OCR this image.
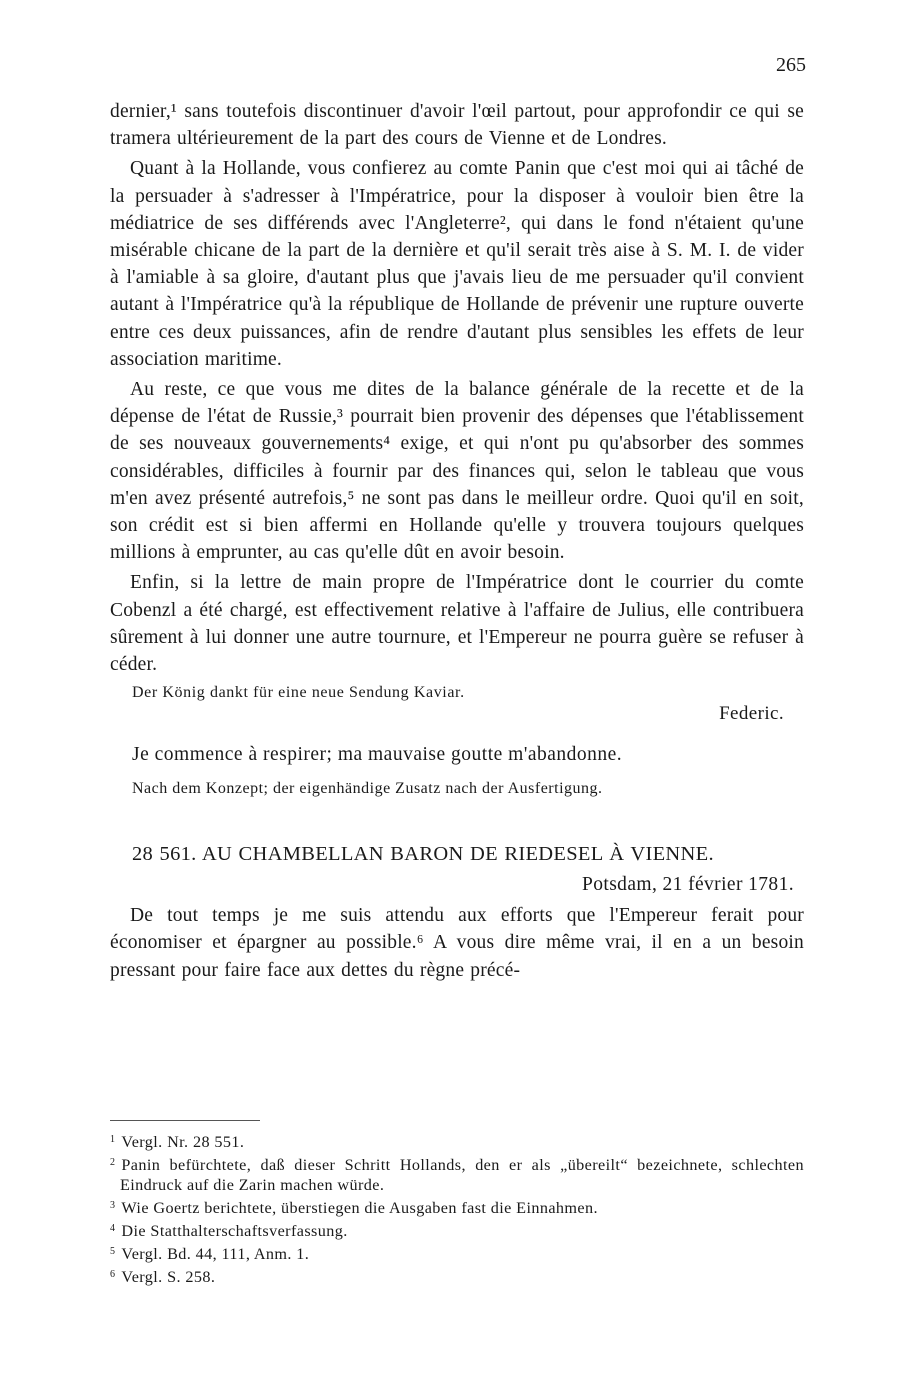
265

dernier,¹ sans toutefois discontinuer d'avoir l'œil partout, pour approfondir ce qui se tramera ultérieurement de la part des cours de Vienne et de Londres.

Quant à la Hollande, vous confierez au comte Panin que c'est moi qui ai tâché de la persuader à s'adresser à l'Impératrice, pour la disposer à vouloir bien être la médiatrice de ses différends avec l'Angleterre², qui dans le fond n'étaient qu'une misérable chicane de la part de la dernière et qu'il serait très aise à S. M. I. de vider à l'amiable à sa gloire, d'autant plus que j'avais lieu de me persuader qu'il convient autant à l'Impératrice qu'à la république de Hollande de prévenir une rupture ouverte entre ces deux puissances, afin de rendre d'autant plus sensibles les effets de leur association maritime.

Au reste, ce que vous me dites de la balance générale de la recette et de la dépense de l'état de Russie,³ pourrait bien provenir des dépenses que l'établissement de ses nouveaux gouvernements⁴ exige, et qui n'ont pu qu'absorber des sommes considérables, difficiles à fournir par des finances qui, selon le tableau que vous m'en avez présenté autrefois,⁵ ne sont pas dans le meilleur ordre. Quoi qu'il en soit, son crédit est si bien affermi en Hollande qu'elle y trouvera toujours quelques millions à emprunter, au cas qu'elle dût en avoir besoin.

Enfin, si la lettre de main propre de l'Impératrice dont le courrier du comte Cobenzl a été chargé, est effectivement relative à l'affaire de Julius, elle contribuera sûrement à lui donner une autre tournure, et l'Empereur ne pourra guère se refuser à céder.

Der König dankt für eine neue Sendung Kaviar.
Federic.
Je commence à respirer; ma mauvaise goutte m'abandonne.
Nach dem Konzept; der eigenhändige Zusatz nach der Ausfertigung.
28 561. AU CHAMBELLAN BARON DE RIEDESEL À VIENNE.
Potsdam, 21 février 1781.

De tout temps je me suis attendu aux efforts que l'Empereur ferait pour économiser et épargner au possible.⁶ A vous dire même vrai, il en a un besoin pressant pour faire face aux dettes du règne précé-

$^1$ Vergl. Nr. 28 551.

$^2$ Panin befürchtete, daß dieser Schritt Hollands, den er als „übereilt“ bezeichnete, schlechten Eindruck auf die Zarin machen würde.

$^3$ Wie Goertz berichtete, überstiegen die Ausgaben fast die Einnahmen.

$^4$ Die Statthalterschaftsverfassung.

$^5$ Vergl. Bd. 44, 111, Anm. 1.

$^6$ Vergl. S. 258.
